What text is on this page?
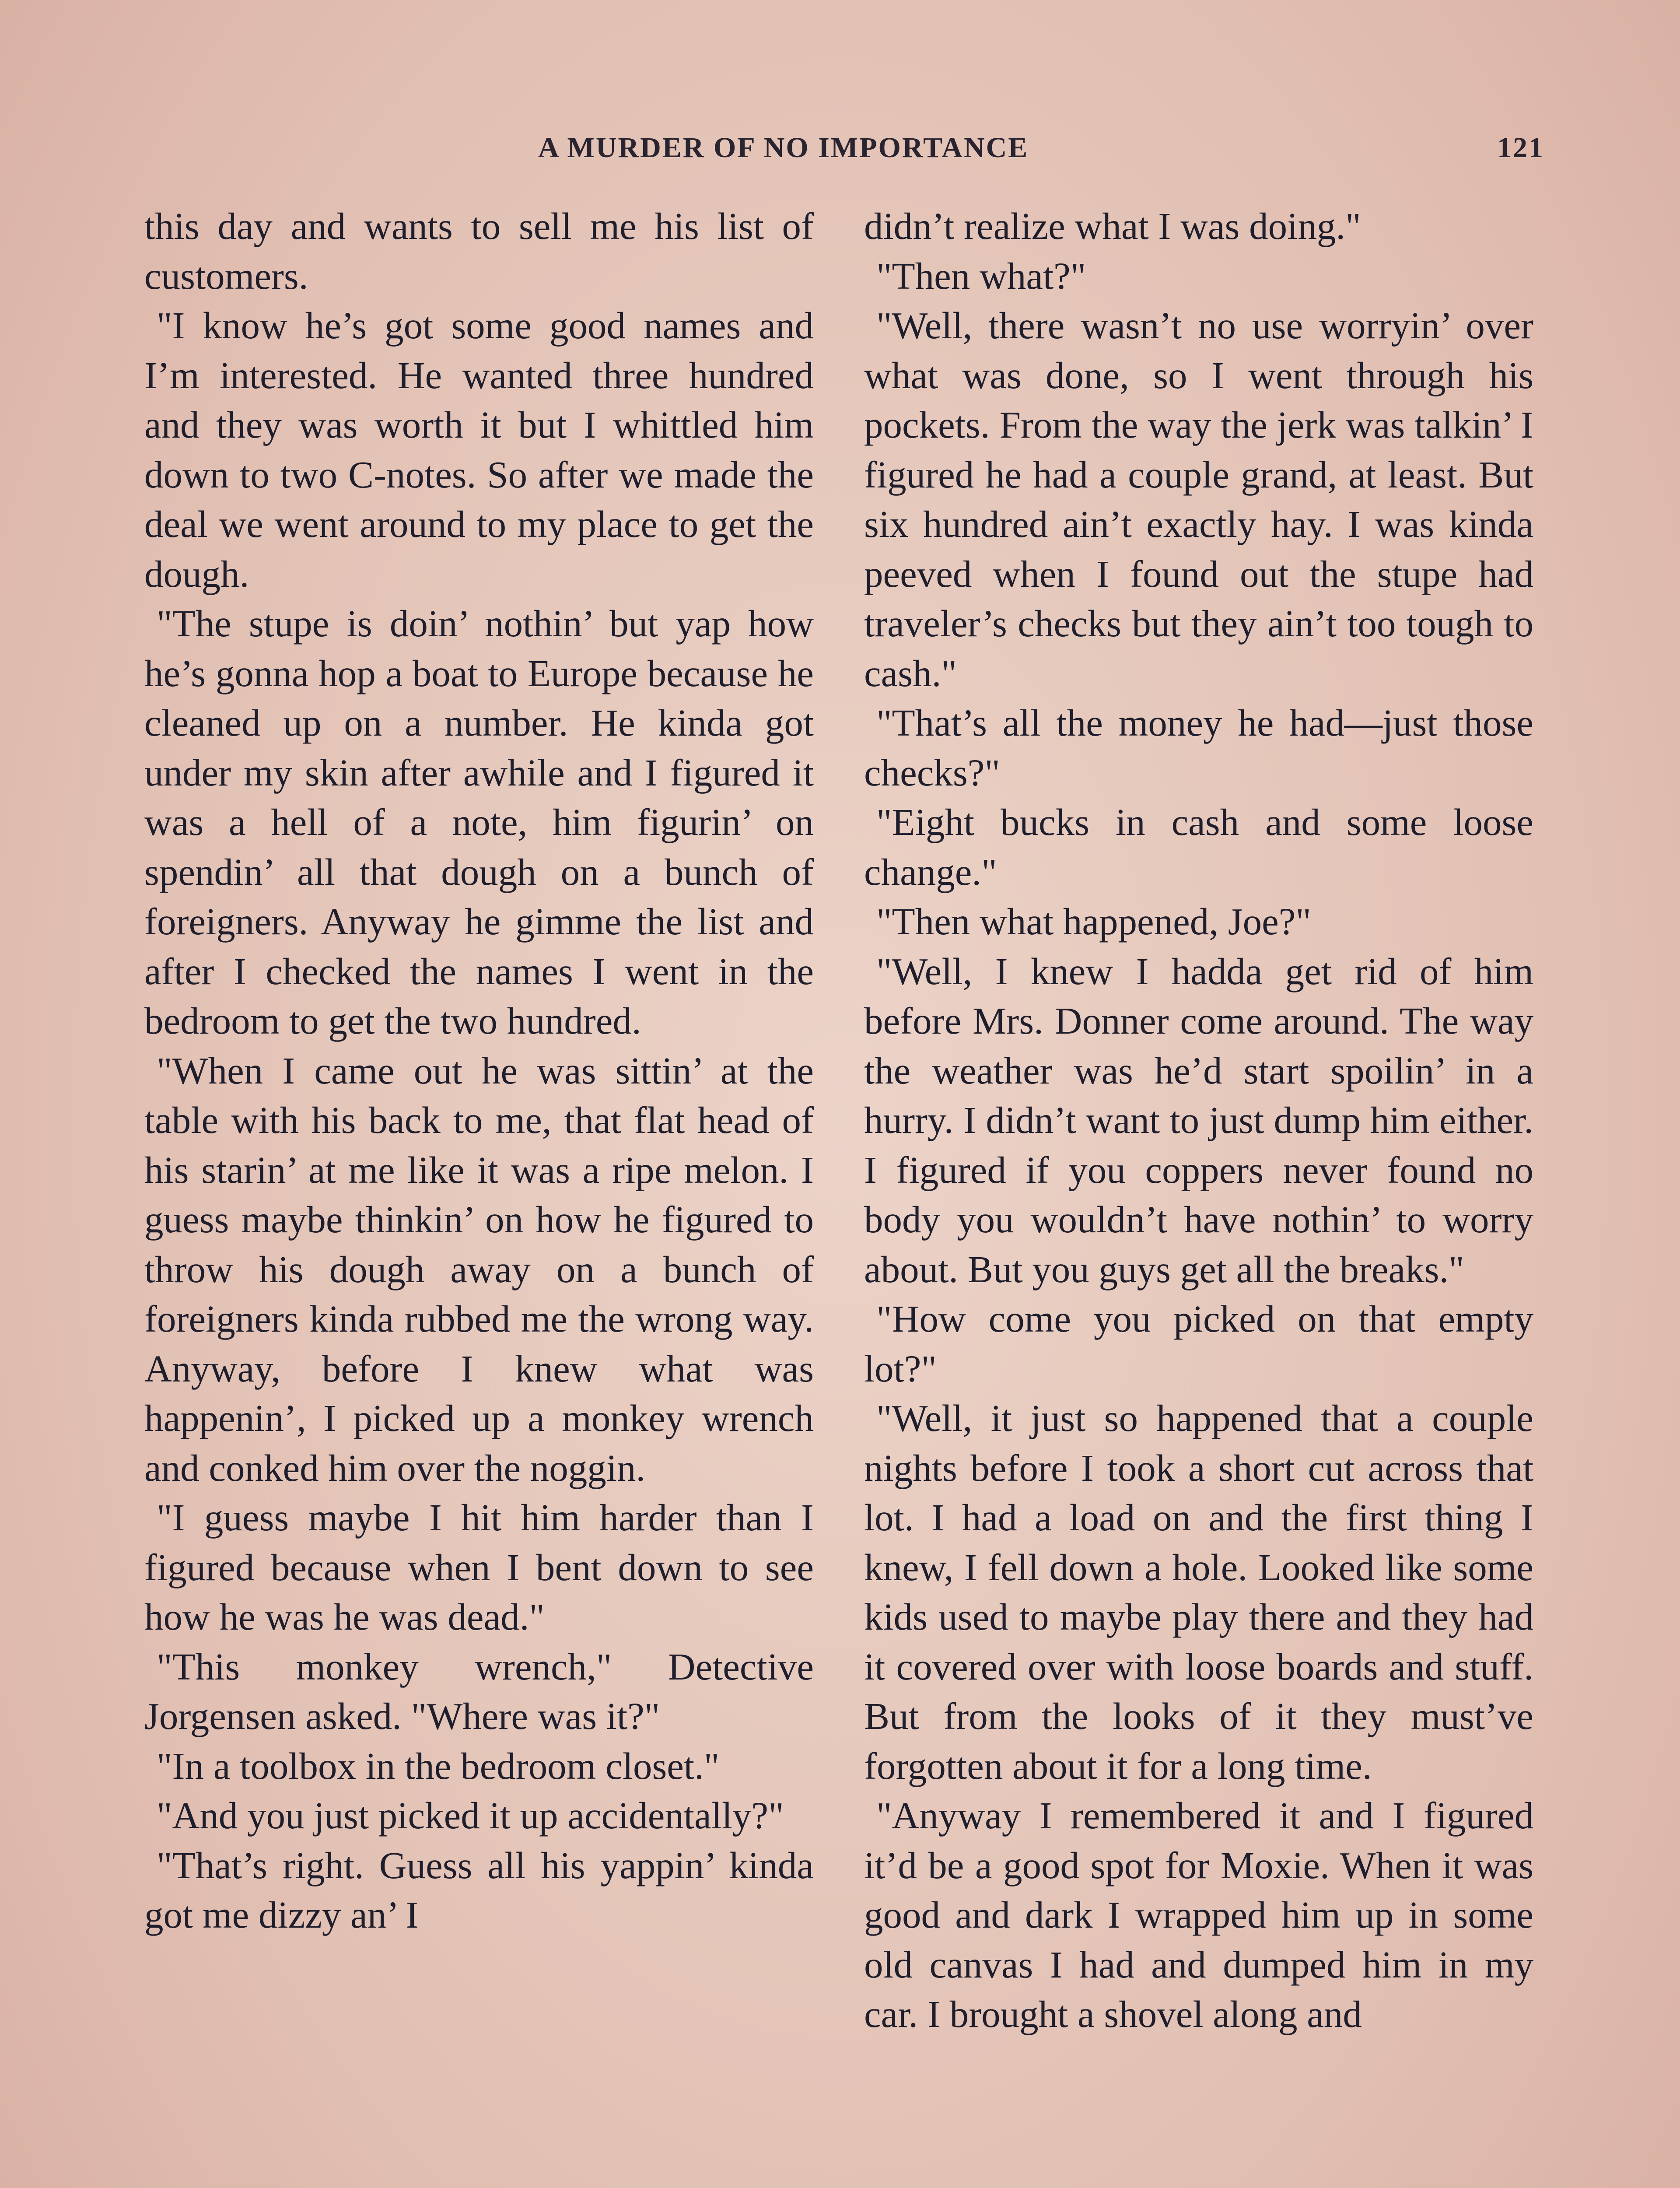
A MURDER OF NO IMPORTANCE	121

this day and wants to sell me his list of customers.

"I know he’s got some good names and I’m interested. He wanted three hundred and they was worth it but I whittled him down to two C-notes. So after we made the deal we went around to my place to get the dough.

"The stupe is doin’ nothin’ but yap how he’s gonna hop a boat to Europe because he cleaned up on a number. He kinda got under my skin after awhile and I figured it was a hell of a note, him figurin’ on spendin’ all that dough on a bunch of foreigners. Anyway he gimme the list and after I checked the names I went in the bedroom to get the two hundred.

"When I came out he was sittin’ at the table with his back to me, that flat head of his starin’ at me like it was a ripe melon. I guess maybe thinkin’ on how he figured to throw his dough away on a bunch of foreigners kinda rubbed me the wrong way. Anyway, before I knew what was happenin’, I picked up a monkey wrench and conked him over the noggin.

"I guess maybe I hit him harder than I figured because when I bent down to see how he was he was dead."

"This monkey wrench," Detective Jorgensen asked. "Where was it?"

"In a toolbox in the bedroom closet."

"And you just picked it up accidentally?"

"That’s right. Guess all his yappin’ kinda got me dizzy an’ I

didn’t realize what I was doing."

"Then what?"

"Well, there wasn’t no use worryin’ over what was done, so I went through his pockets. From the way the jerk was talkin’ I figured he had a couple grand, at least. But six hundred ain’t exactly hay. I was kinda peeved when I found out the stupe had traveler’s checks but they ain’t too tough to cash."

"That’s all the money he had—just those checks?"

"Eight bucks in cash and some loose change."

"Then what happened, Joe?"

"Well, I knew I hadda get rid of him before Mrs. Donner come around. The way the weather was he’d start spoilin’ in a hurry. I didn’t want to just dump him either. I figured if you coppers never found no body you wouldn’t have nothin’ to worry about. But you guys get all the breaks."

"How come you picked on that empty lot?"

"Well, it just so happened that a couple nights before I took a short cut across that lot. I had a load on and the first thing I knew, I fell down a hole. Looked like some kids used to maybe play there and they had it covered over with loose boards and stuff. But from the looks of it they must’ve forgotten about it for a long time.

"Anyway I remembered it and I figured it’d be a good spot for Moxie. When it was good and dark I wrapped him up in some old canvas I had and dumped him in my car. I brought a shovel along and
